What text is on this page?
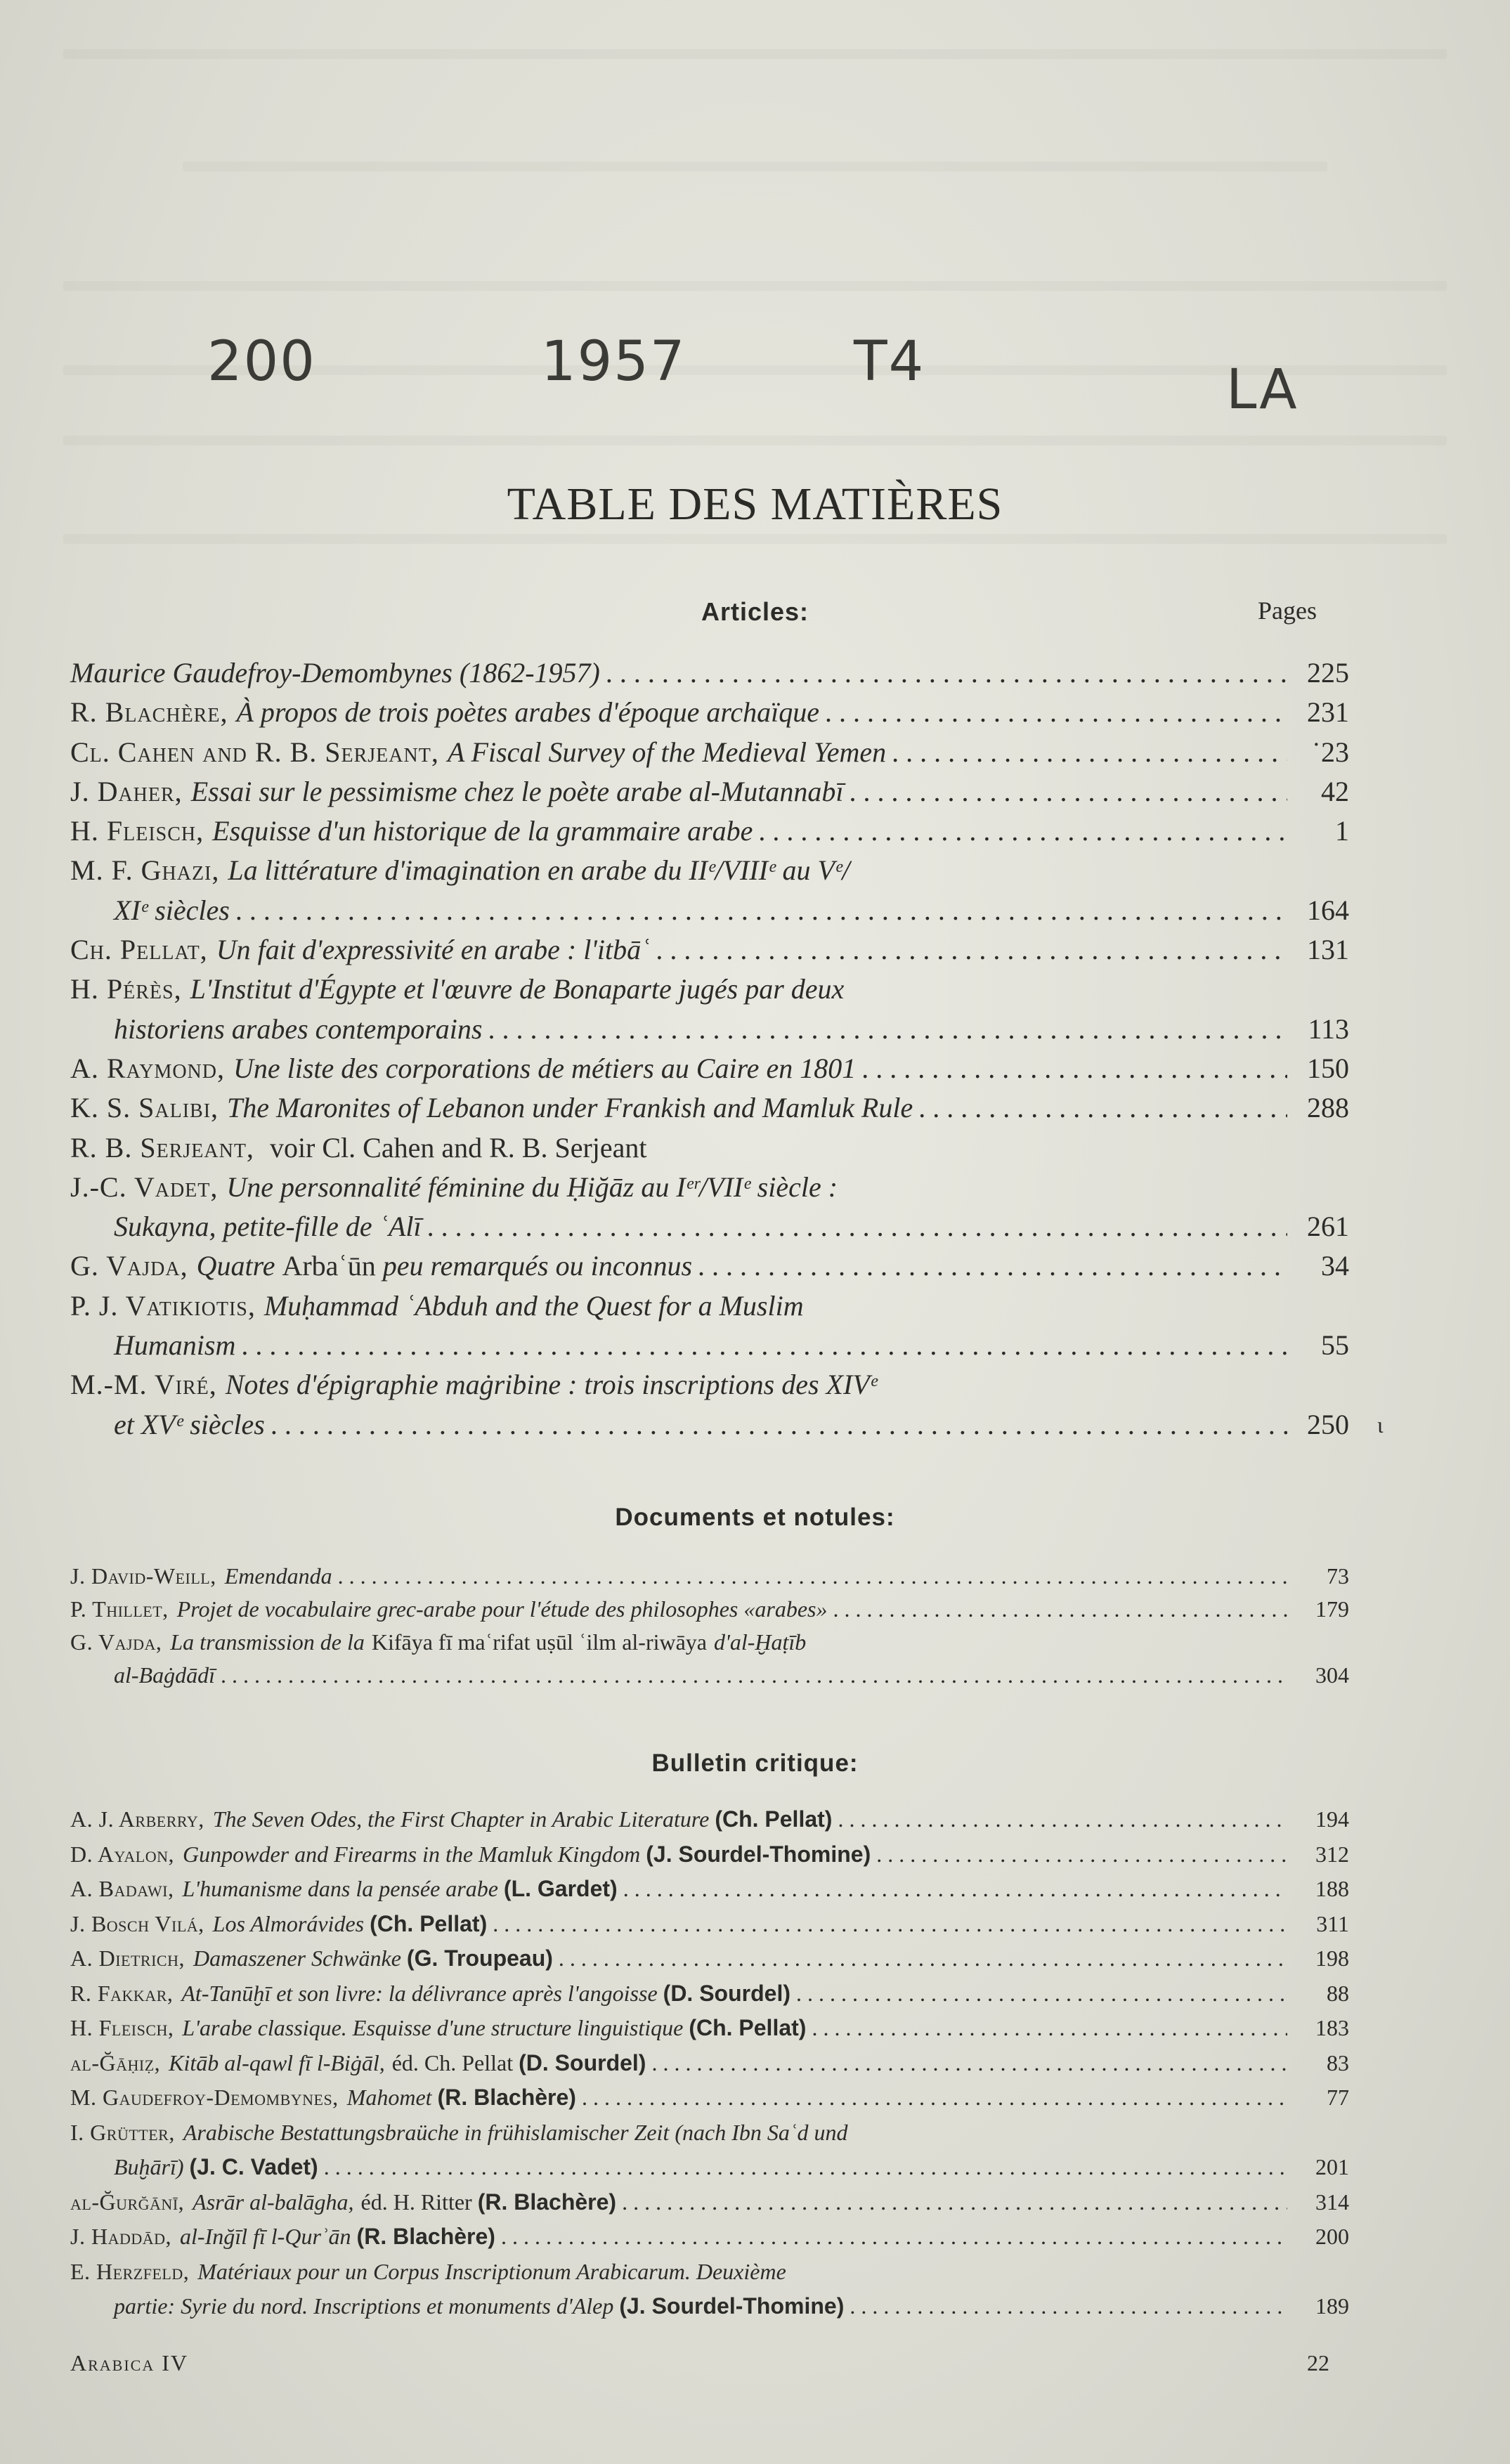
200	1957	T4	LA
TABLE DES MATIÈRES
Articles:	Pages
Maurice Gaudefroy-Demombynes (1862-1957) . . .	225
R. Blachère, À propos de trois poètes arabes d'époque archaïque . . .	231
Cl. Cahen and R. B. Serjeant, A Fiscal Survey of the Medieval Yemen . . .	˙23
J. Daher, Essai sur le pessimisme chez le poète arabe al-Mutannabī . . .	42
H. Fleisch, Esquisse d'un historique de la grammaire arabe . . .	1
M. F. Ghazi, La littérature d'imagination en arabe du IIᵉ/VIIIᵉ au Vᵉ/
XIᵉ siècles . . .	164
Ch. Pellat, Un fait d'expressivité en arabe : l'itbāʿ . . .	131
H. Pérès, L'Institut d'Égypte et l'œuvre de Bonaparte jugés par deux
historiens arabes contemporains . . .	113
A. Raymond, Une liste des corporations de métiers au Caire en 1801 . . .	150
K. S. Salibi, The Maronites of Lebanon under Frankish and Mamluk Rule . . .	288
R. B. Serjeant, voir Cl. Cahen and R. B. Serjeant
J.-C. Vadet, Une personnalité féminine du Ḥiğāz au Iᵉʳ/VIIᵉ siècle :
Sukayna, petite-fille de ʿAlī . . .	261
G. Vajda, Quatre Arbaʿūn peu remarqués ou inconnus . . .	34
P. J. Vatikiotis, Muḥammad ʿAbduh and the Quest for a Muslim
Humanism . . .	55
M.-M. Viré, Notes d'épigraphie maġribine : trois inscriptions des XIVᵉ
et XVᵉ siècles . . .	250 ɩ
Documents et notules:
J. David-Weill, Emendanda . . .	73
P. Thillet, Projet de vocabulaire grec-arabe pour l'étude des philosophes «arabes» . . .	179
G. Vajda, La transmission de la Kifāya fī maʿrifat uṣūl ʿilm al-riwāya d'al-Ḫaṭīb
al-Baġdādī . . .	304
Bulletin critique:
A. J. Arberry, The Seven Odes, the First Chapter in Arabic Literature (Ch. Pellat) . . .	194
D. Ayalon, Gunpowder and Firearms in the Mamluk Kingdom (J. Sourdel-Thomine) . . .	312
A. Badawi, L'humanisme dans la pensée arabe (L. Gardet) . . .	188
J. Bosch Vilá, Los Almorávides (Ch. Pellat) . . .	311
A. Dietrich, Damaszener Schwänke (G. Troupeau) . . .	198
R. Fakkar, At-Tanūḫī et son livre: la délivrance après l'angoisse (D. Sourdel) . . .	88
H. Fleisch, L'arabe classique. Esquisse d'une structure linguistique (Ch. Pellat) . . .	183
al-Ğāḥiẓ, Kitāb al-qawl fī l-Biġāl, éd. Ch. Pellat (D. Sourdel) . . .	83
M. Gaudefroy-Demombynes, Mahomet (R. Blachère) . . .	77
I. Grütter, Arabische Bestattungsbraüche in frühislamischer Zeit (nach Ibn Saʿd und
Buḫārī) (J. C. Vadet) . . .	201
al-Ğurğānī, Asrār al-balāgha, éd. H. Ritter (R. Blachère) . . .	314
J. Haddād, al-Inğīl fī l-Qurʾān (R. Blachère) . . .	200
E. Herzfeld, Matériaux pour un Corpus Inscriptionum Arabicarum. Deuxième
partie: Syrie du nord. Inscriptions et monuments d'Alep (J. Sourdel-Thomine) . . .	189
Arabica IV	22
